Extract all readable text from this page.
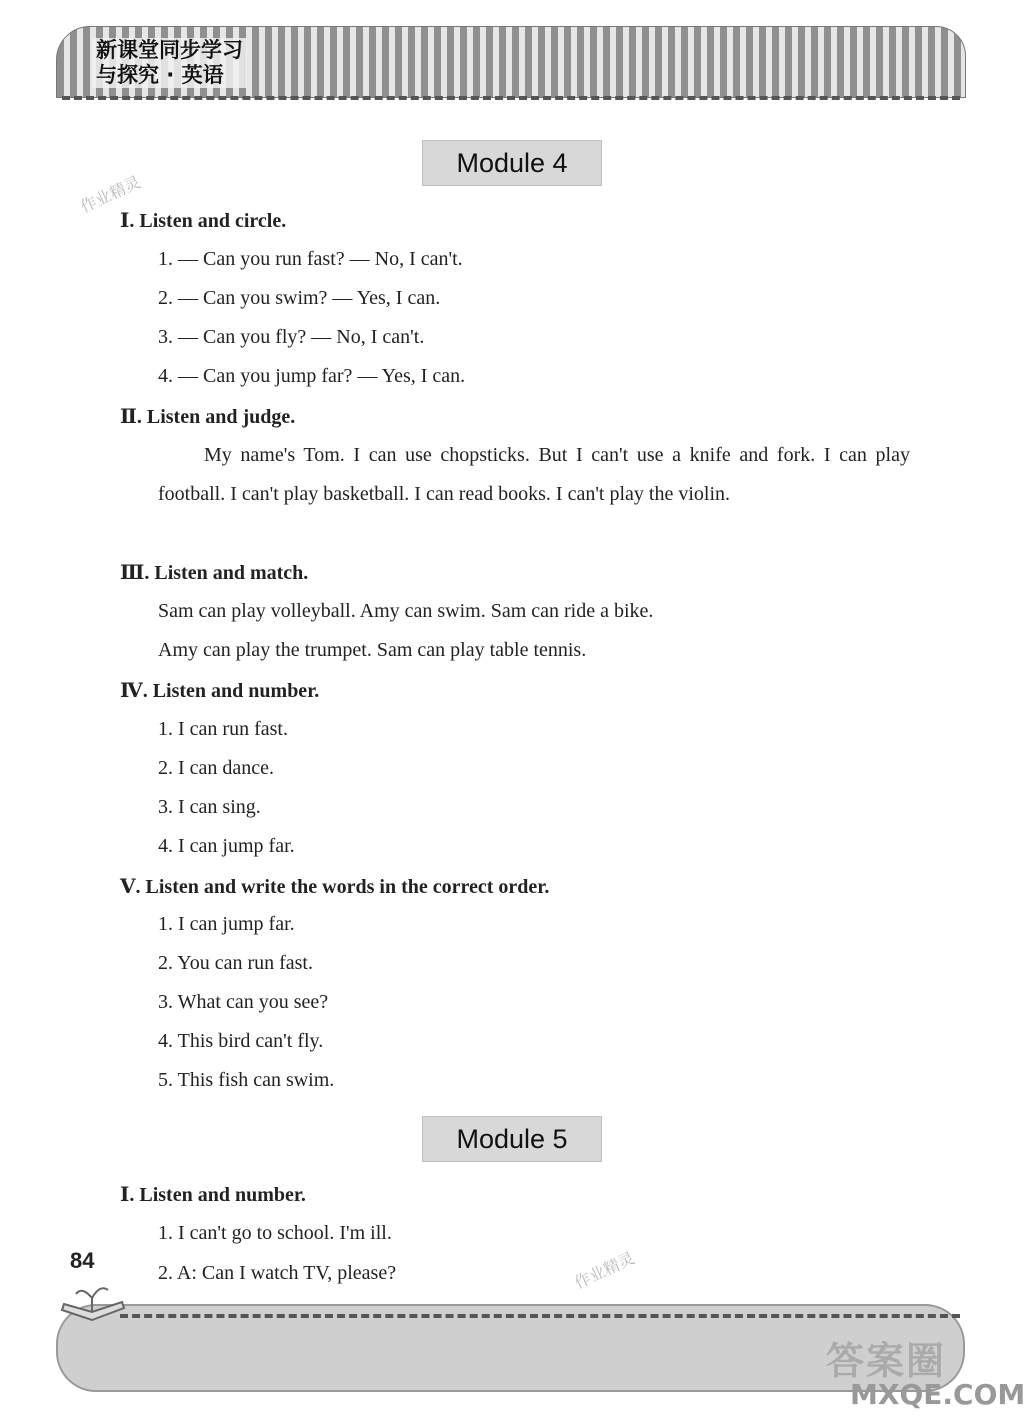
新课堂同步学习
与探究 · 英语
作业精灵
Module 4
Ⅰ. Listen and circle.
1. — Can you run fast? — No, I can't.
2. — Can you swim? — Yes, I can.
3. — Can you fly? — No, I can't.
4. — Can you jump far? — Yes, I can.
Ⅱ. Listen and judge.
My name's Tom. I can use chopsticks. But I can't use a knife and fork. I can play football. I can't play basketball. I can read books. I can't play the violin.
Ⅲ. Listen and match.
Sam can play volleyball. Amy can swim. Sam can ride a bike.
Amy can play the trumpet. Sam can play table tennis.
Ⅳ. Listen and number.
1. I can run fast.
2. I can dance.
3. I can sing.
4. I can jump far.
Ⅴ. Listen and write the words in the correct order.
1. I can jump far.
2. You can run fast.
3. What can you see?
4. This bird can't fly.
5. This fish can swim.
Module 5
Ⅰ. Listen and number.
1. I can't go to school. I'm ill.
2. A: Can I watch TV, please?	作业精灵
84
答案圈
MXQE.COM
